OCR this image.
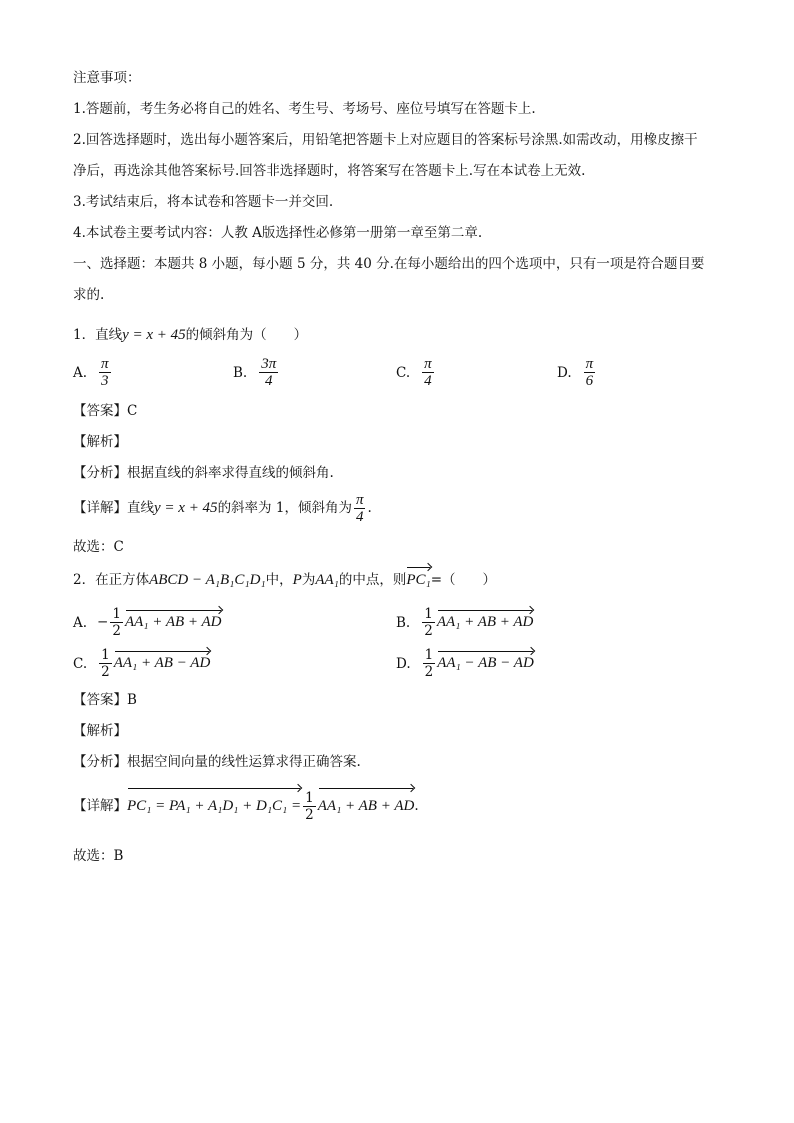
注意事项：
1.答题前，考生务必将自己的姓名、考生号、考场号、座位号填写在答题卡上.
2.回答选择题时，选出每小题答案后，用铅笔把答题卡上对应题目的答案标号涂黑.如需改动，用橡皮擦干
净后，再选涂其他答案标号.回答非选择题时，将答案写在答题卡上.写在本试卷上无效.
3.考试结束后，将本试卷和答题卡一并交回.
4.本试卷主要考试内容：人教 A版选择性必修第一册第一章至第二章.
一、选择题：本题共 8 小题，每小题 5 分，共 40 分.在每小题给出的四个选项中，只有一项是符合题目要
求的.
1．直线y = x + 45的倾斜角为（　　）
A. $\frac{\pi}{3}$	B. $\frac{3\pi}{4}$	C. $\frac{\pi}{4}$	D. $\frac{\pi}{6}$
【答案】C
【解析】
【分析】根据直线的斜率求得直线的倾斜角.
【详解】直线y = x + 45的斜率为 1，倾斜角为 $\frac{\pi}{4}$ .
故选：C
2．在正方体ABCD − A₁B₁C₁D₁中，P为AA₁的中点，则PC₁=（　　）
A. − $\frac{1}{2} AA_1$ + AB + AD	B. $\frac{1}{2} AA_1$ + AB + AD
C. $\frac{1}{2} AA_1$ + AB − AD	D. $\frac{1}{2} AA_1$ − AB − AD
【答案】B
【解析】
【分析】根据空间向量的线性运算求得正确答案.
【详解】$PC_1 = PA_1 + A_1D_1 + D_1C_1 = \frac{1}{2} AA_1$ + AB + AD.
故选：B
